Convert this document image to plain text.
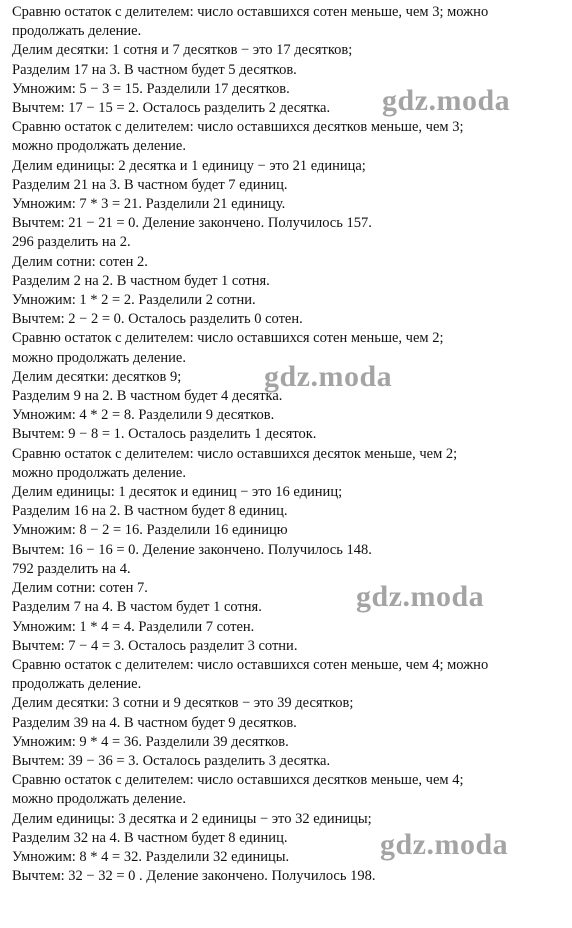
Сравню остаток с делителем: число оставшихся сотен меньше, чем 3; можно

продолжать деление.

Делим десятки: 1 сотня и 7 десятков − это 17 десятков;

Разделим 17 на 3. В частном будет 5 десятков.

Умножим: 5 − 3 = 15. Разделили 17 десятков.

Вычтем: 17 − 15 = 2. Осталось разделить 2 десятка.

Сравню остаток с делителем: число оставшихся десятков меньше, чем 3;

можно продолжать деление.

Делим единицы: 2 десятка и 1 единицу − это 21 единица;

Разделим 21 на 3. В частном будет 7 единиц.

Умножим: 7 * 3 = 21. Разделили 21 единицу.

Вычтем: 21 − 21 = 0. Деление закончено. Получилось 157.

296 разделить на 2.

Делим сотни: сотен 2.

Разделим 2 на 2. В частном будет 1 сотня.

Умножим: 1 * 2 = 2. Разделили 2 сотни.

Вычтем: 2 − 2 = 0. Осталось разделить 0 сотен.

Сравню остаток с делителем: число оставшихся сотен меньше, чем 2;

можно продолжать деление.

Делим десятки: десятков 9;

Разделим 9 на 2. В частном будет 4 десятка.

Умножим: 4 * 2 = 8. Разделили 9 десятков.

Вычтем: 9 − 8 = 1. Осталось разделить 1 десяток.

Сравню остаток с делителем: число оставшихся десяток меньше, чем 2;

можно продолжать деление.

Делим единицы: 1 десяток и единиц − это 16 единиц;

Разделим 16 на 2. В частном будет 8 единиц.

Умножим: 8 − 2 = 16. Разделили 16 единицю

Вычтем: 16 − 16 = 0. Деление закончено. Получилось 148.

792 разделить на 4.

Делим сотни: сотен 7.

Разделим 7 на 4. В частом будет 1 сотня.

Умножим: 1 * 4 = 4. Разделили 7 сотен.

Вычтем: 7 − 4 = 3. Осталось разделит 3 сотни.

Сравню остаток с делителем: число оставшихся сотен меньше, чем 4; можно

продолжать деление.

Делим десятки: 3 сотни и 9 десятков − это 39 десятков;

Разделим 39 на 4. В частном будет 9 десятков.

Умножим: 9 * 4 = 36. Разделили 39 десятков.

Вычтем: 39 − 36 = 3. Осталось разделить 3 десятка.

Сравню остаток с делителем: число оставшихся десятков меньше, чем 4;

можно продолжать деление.

Делим единицы: 3 десятка и 2 единицы − это 32 единицы;

Разделим 32 на 4. В частном будет 8 единиц.

Умножим: 8 * 4 = 32. Разделили 32 единицы.

Вычтем: 32 − 32 = 0 . Деление закончено. Получилось 198.

gdz.moda
gdz.moda
gdz.moda
gdz.moda
